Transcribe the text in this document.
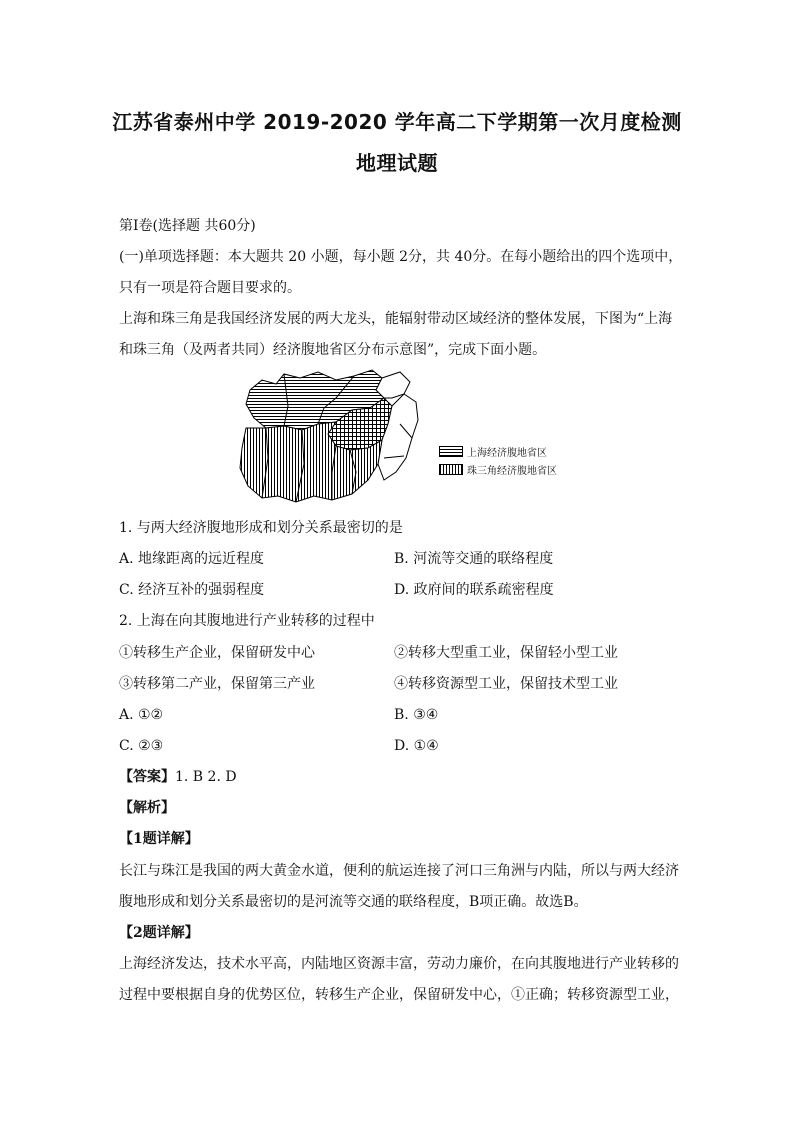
江苏省泰州中学 2019-2020 学年高二下学期第一次月度检测
地理试题
第Ⅰ卷(选择题 共60分)
(一)单项选择题：本大题共 20 小题，每小题 2分，共 40分。在每小题给出的四个选项中，
只有一项是符合题目要求的。
上海和珠三角是我国经济发展的两大龙头，能辐射带动区域经济的整体发展，下图为“上海
和珠三角（及两者共同）经济腹地省区分布示意图”，完成下面小题。
上海经济腹地省区
珠三角经济腹地省区
1. 与两大经济腹地形成和划分关系最密切的是
A. 地缘距离的远近程度	B. 河流等交通的联络程度
C. 经济互补的强弱程度	D. 政府间的联系疏密程度
2. 上海在向其腹地进行产业转移的过程中
①转移生产企业，保留研发中心	②转移大型重工业，保留轻小型工业
③转移第二产业，保留第三产业	④转移资源型工业，保留技术型工业
A. ①②	B. ③④
C. ②③	D. ①④
【答案】1. B 2. D
【解析】
【1题详解】
长江与珠江是我国的两大黄金水道，便利的航运连接了河口三角洲与内陆，所以与两大经济
腹地形成和划分关系最密切的是河流等交通的联络程度，B项正确。故选B。
【2题详解】
上海经济发达，技术水平高，内陆地区资源丰富，劳动力廉价，在向其腹地进行产业转移的
过程中要根据自身的优势区位，转移生产企业，保留研发中心，①正确；转移资源型工业，
